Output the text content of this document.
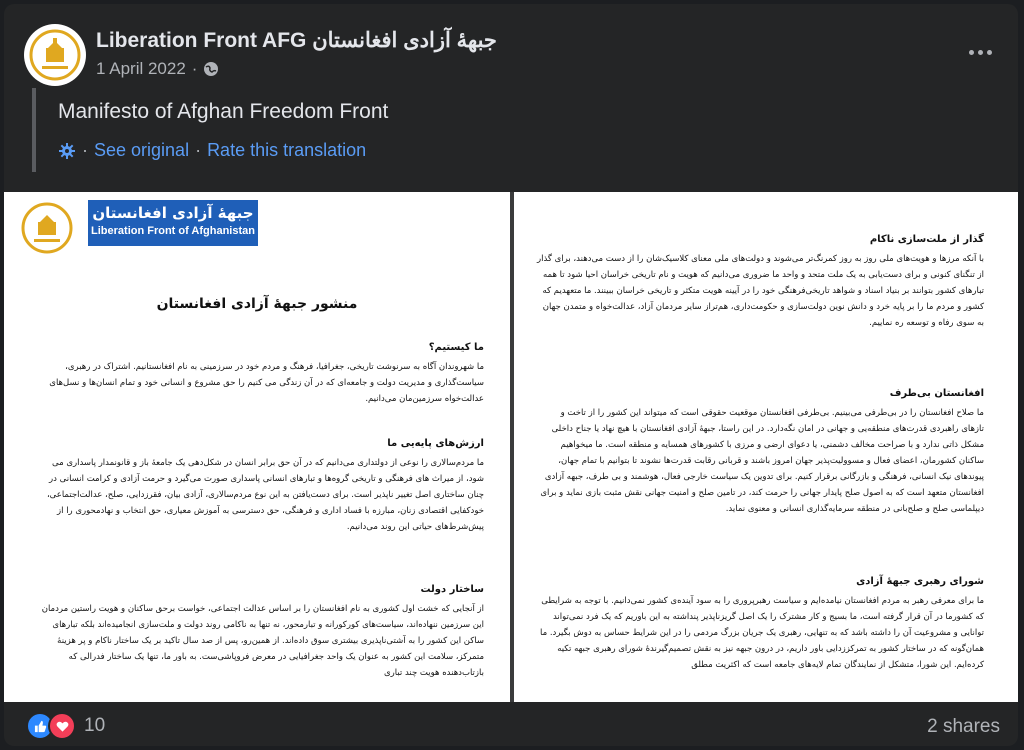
Liberation Front AFG جبهۀ آزادی افغانستان
1 April 2022 ·
Manifesto of Afghan Freedom Front
· See original · Rate this translation
جبهۀ آزادی افغانستان
Liberation Front of Afghanistan
منشور جبهۀ آزادی افغانستان
ما کیستیم؟

ما شهروندان آگاه به سرنوشت تاریخی، جغرافیا، فرهنگ و مردم خود در سرزمینی به نام افغانستانیم. اشتراک در رهبری، سیاست‌گذاری و مدیریت دولت و جامعه‌ای که در آن زندگی می کنیم را حق مشروع و انسانی خود و تمام انسان‌ها و نسل‌های عدالت‌خواه سرزمین‌مان می‌دانیم.

ارزش‌های پایه‌یی ما

ما مردم‌سالاری را نوعی از دولتداری می‌دانیم که در آن حق برابر انسان در شکل‌دهی یک جامعۀ باز و قانونمدار پاسداری می شود، از میراث های فرهنگی و تاریخی گروه‌ها و تبارهای انسانی پاسداری صورت می‌گیرد و حرمت آزادی و کرامت انسانی در چنان ساختاری اصل تغییر ناپذیر است. برای دست‌یافتن به این نوع مردم‌سالاری، آزادی بیان، فقرزدایی، صلح، عدالت‌اجتماعی، خودکفایی اقتصادی زنان، مبارزه با فساد اداری و فرهنگی، حق دسترسی به آموزش معیاری، حق انتخاب و نهادمحوری را از پیش‌شرط‌های حیاتی این روند می‌دانیم.

ساختار دولت

از آنجایی که خشت اول کشوری به نام افغانستان را بر اساس عدالت اجتماعی، خواست برحق ساکنان و هویت راستین مردمان این سرزمین ننهاده‌اند، سیاست‌های کورکورانه و تبارمحور، نه تنها به ناکامی روند دولت و ملت‌سازی انجامیده‌اند بلکه تبارهای ساکن این کشور را به آشتی‌ناپذیری بیشتری سوق داده‌اند. از همین‌رو، پس از صد سال تاکید بر یک ساختار ناکام و پر هزینۀ متمرکز، سلامت این کشور به عنوان یک واحد جغرافیایی در معرض فروپاشی‌ست. به باور ما، تنها یک ساختار فدرالی که بازتاب‌دهنده هویت چند تباری

گذار از ملت‌سازی ناکام

با آنکه مرزها و هویت‌های ملی روز به روز کمرنگ‌تر می‌شوند و دولت‌های ملی معنای کلاسیک‌شان را از دست می‌دهند، برای گذار از تنگنای کنونی و برای دست‌یابی به یک ملت متحد و واحد ما ضروری می‌دانیم که هویت و نام تاریخی خراسان احیا شود تا همه تبارهای کشور بتوانند بر بنیاد اسناد و شواهد تاریخی‌فرهنگی خود را در آیینه هویت متکثر و تاریخی خراسان ببینند. ما متعهدیم که کشور و مردم ما را بر پایه خرد و دانش نوین دولت‌سازی و حکومت‌داری، هم‌تراز سایر مردمان آزاد، عدالت‌خواه و متمدن جهان به سوی رفاه و توسعه ره نماییم.

افغانستان بی‌طرف

ما صلاح افغانستان را در بی‌طرفی می‌بینیم. بی‌طرفی افغانستان موقعیت حقوقی است که میتواند این کشور را از تاخت و تازهای راهبردی قدرت‌های منطقه‌یی و جهانی در امان نگه‌دارد. در این راستا، جبهۀ آزادی افغانستان با هیچ نهاد یا جناح داخلی مشکل ذاتی ندارد و با صراحت مخالف دشمنی، یا دعوای ارضی و مرزی با کشورهای همسایه و منطقه است. ما میخواهیم ساکنان کشورمان، اعضای فعال و مسوولیت‌پذیر جهان امروز باشند و قربانی رقابت قدرت‌ها نشوند تا بتوانیم با تمام جهان، پیوندهای نیک انسانی، فرهنگی و بازرگانی برقرار کنیم. برای تدوین یک سیاست خارجی فعال، هوشمند و بی طرف، جبهه آزادی افغانستان متعهد است که به اصول صلح پایدار جهانی را حرمت کند، در تامین صلح و امنیت جهانی نقش مثبت بازی نماید و برای دیپلماسی صلح و صلح‌بانی در منطقه سرمایه‌گذاری انسانی و معنوی نماید.

شورای رهبری جبهۀ آزادی

ما برای معرفی رهبر به مردم افغانستان نیامده‌ایم و سیاست رهبرپروری را به سود آینده‌ی کشور نمی‌دانیم. با توجه به شرایطی که کشورما در آن قرار گرفته است، ما بسیج و کار مشترک را یک اصل گریزناپذیر پنداشته به این باوریم که یک فرد نمی‌تواند توانایی و مشروعیت آن را داشته باشد که به تنهایی، رهبری یک جریان بزرگ مردمی را در این شرایط حساس به دوش بگیرد. ما همان‌گونه که در ساختار کشور به تمرکززدایی باور داریم، در درون جبهه نیز به نقش تصمیم‌گیرندۀ شورای رهبری جبهه تکیه کرده‌ایم. این شورا، متشکل از نمایندگان تمام لایه‌های جامعه است که اکثریت مطلق

10	2 shares
